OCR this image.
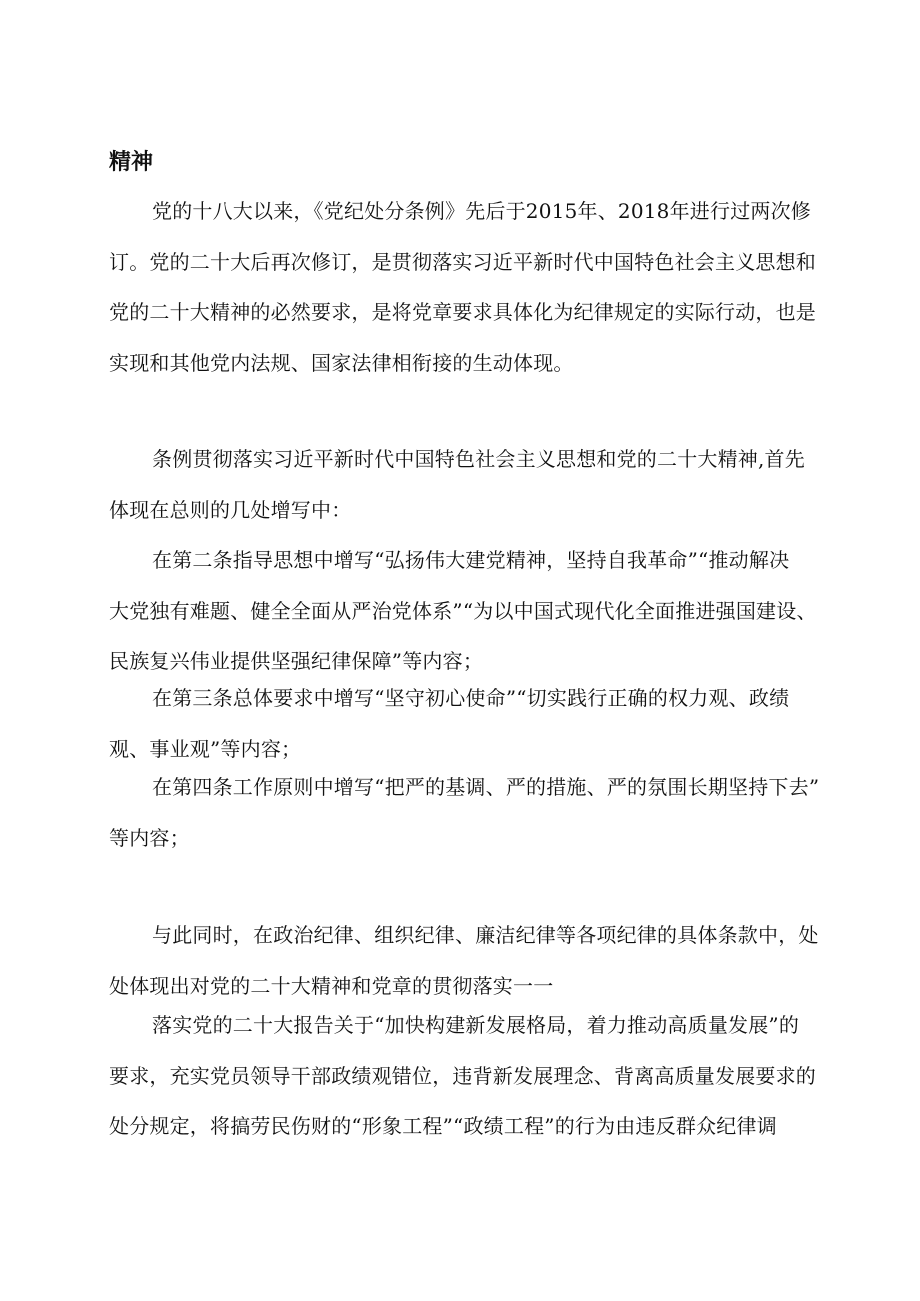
精神

党的十八大以来，《党纪处分条例》先后于2015年、2018年进行过两次修
订。党的二十大后再次修订，是贯彻落实习近平新时代中国特色社会主义思想和
党的二十大精神的必然要求，是将党章要求具体化为纪律规定的实际行动，也是
实现和其他党内法规、国家法律相衔接的生动体现。

条例贯彻落实习近平新时代中国特色社会主义思想和党的二十大精神,首先
体现在总则的几处增写中：

在第二条指导思想中增写“弘扬伟大建党精神，坚持自我革命”“推动解决
大党独有难题、健全全面从严治党体系”“为以中国式现代化全面推进强国建设、
民族复兴伟业提供坚强纪律保障”等内容；

在第三条总体要求中增写“坚守初心使命”“切实践行正确的权力观、政绩
观、事业观”等内容；

在第四条工作原则中增写“把严的基调、严的措施、严的氛围长期坚持下去”
等内容；

与此同时，在政治纪律、组织纪律、廉洁纪律等各项纪律的具体条款中，处
处体现出对党的二十大精神和党章的贯彻落实一一

落实党的二十大报告关于“加快构建新发展格局，着力推动高质量发展”的
要求，充实党员领导干部政绩观错位，违背新发展理念、背离高质量发展要求的
处分规定，将搞劳民伤财的“形象工程”“政绩工程”的行为由违反群众纪律调
